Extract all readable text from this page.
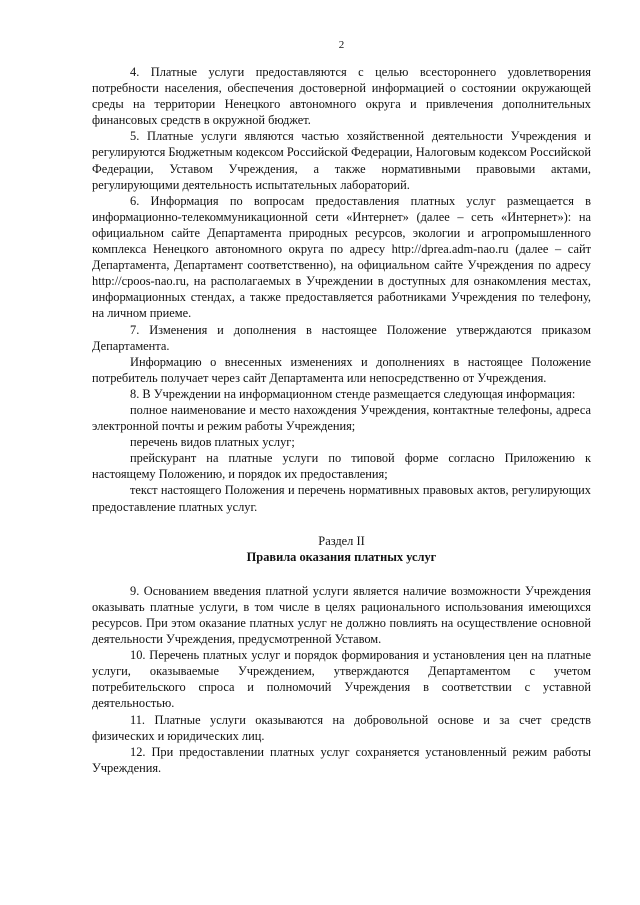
2

4. Платные услуги предоставляются с целью всестороннего удовлетворения потребности населения, обеспечения достоверной информацией о состоянии окружающей среды на территории Ненецкого автономного округа и привлечения дополнительных финансовых средств в окружной бюджет.

5. Платные услуги являются частью хозяйственной деятельности Учреждения и регулируются Бюджетным кодексом Российской Федерации, Налоговым кодексом Российской Федерации, Уставом Учреждения, а также нормативными правовыми актами, регулирующими деятельность испытательных лабораторий.

6. Информация по вопросам предоставления платных услуг размещается в информационно-телекоммуникационной сети «Интернет» (далее – сеть «Интернет»): на официальном сайте Департамента природных ресурсов, экологии и агропромышленного комплекса Ненецкого автономного округа по адресу http://dprea.adm-nao.ru (далее – сайт Департамента, Департамент соответственно), на официальном сайте Учреждения по адресу http://cpoos-nao.ru, на располагаемых в Учреждении в доступных для ознакомления местах, информационных стендах, а также предоставляется работниками Учреждения по телефону, на личном приеме.

7. Изменения и дополнения в настоящее Положение утверждаются приказом Департамента.

Информацию о внесенных изменениях и дополнениях в настоящее Положение потребитель получает через сайт Департамента или непосредственно от Учреждения.

8. В Учреждении на информационном стенде размещается следующая информация:

полное наименование и место нахождения Учреждения, контактные телефоны, адреса электронной почты и режим работы Учреждения;

перечень видов платных услуг;

прейскурант на платные услуги по типовой форме согласно Приложению к настоящему Положению, и порядок их предоставления;

текст настоящего Положения и перечень нормативных правовых актов, регулирующих предоставление платных услуг.

Раздел II
Правила оказания платных услуг

9. Основанием введения платной услуги является наличие возможности Учреждения оказывать платные услуги, в том числе в целях рационального использования имеющихся ресурсов. При этом оказание платных услуг не должно повлиять на осуществление основной деятельности Учреждения, предусмотренной Уставом.

10. Перечень платных услуг и порядок формирования и установления цен на платные услуги, оказываемые Учреждением, утверждаются Департаментом с учетом потребительского спроса и полномочий Учреждения в соответствии с уставной деятельностью.

11. Платные услуги оказываются на добровольной основе и за счет средств физических и юридических лиц.

12. При предоставлении платных услуг сохраняется установленный режим работы Учреждения.
